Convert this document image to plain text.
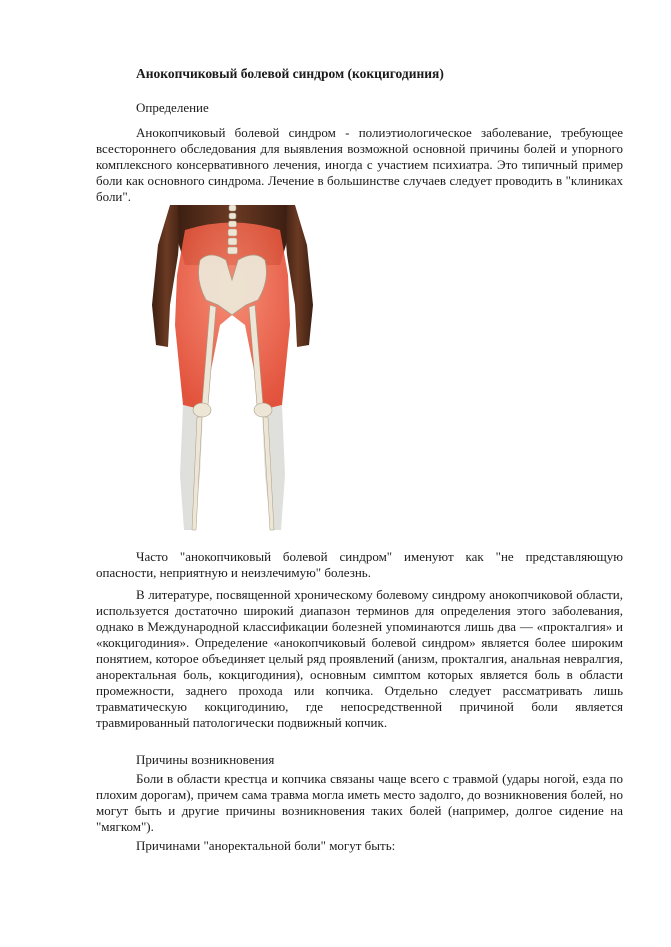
Анокопчиковый болевой синдром (кокцигодиния)
Определение
Анокопчиковый болевой синдром - полиэтиологическое заболевание, требующее всестороннего обследования для выявления возможной основной причины болей и упорного комплексного консервативного лечения, иногда с участием психиатра. Это типичный пример боли как основного синдрома. Лечение в большинстве случаев следует проводить в "клиниках боли".
Часто "анокопчиковый болевой синдром" именуют как "не представляющую опасности, неприятную и неизлечимую" болезнь.
В литературе, посвященной хроническому болевому синдрому анокопчиковой области, используется достаточно широкий диапазон терминов для определения этого заболевания, однако в Международной классификации болезней упоминаются лишь два — «прокталгия» и «кокцигодиния». Определение «анокопчиковый болевой синдром» является более широким понятием, которое объединяет целый ряд проявлений (анизм, прокталгия, анальная невралгия, аноректальная боль, кокцигодиния), основным симптом которых является боль в области промежности, заднего прохода или копчика. Отдельно следует рассматривать лишь травматическую кокцигодинию, где непосредственной причиной боли является травмированный патологически подвижный копчик.
Причины возникновения
Боли в области крестца и копчика связаны чаще всего с травмой (удары ногой, езда по плохим дорогам), причем сама травма могла иметь место задолго, до возникновения болей, но могут быть и другие причины возникновения таких болей (например, долгое сидение на "мягком").
Причинами "аноректальной боли" могут быть:
